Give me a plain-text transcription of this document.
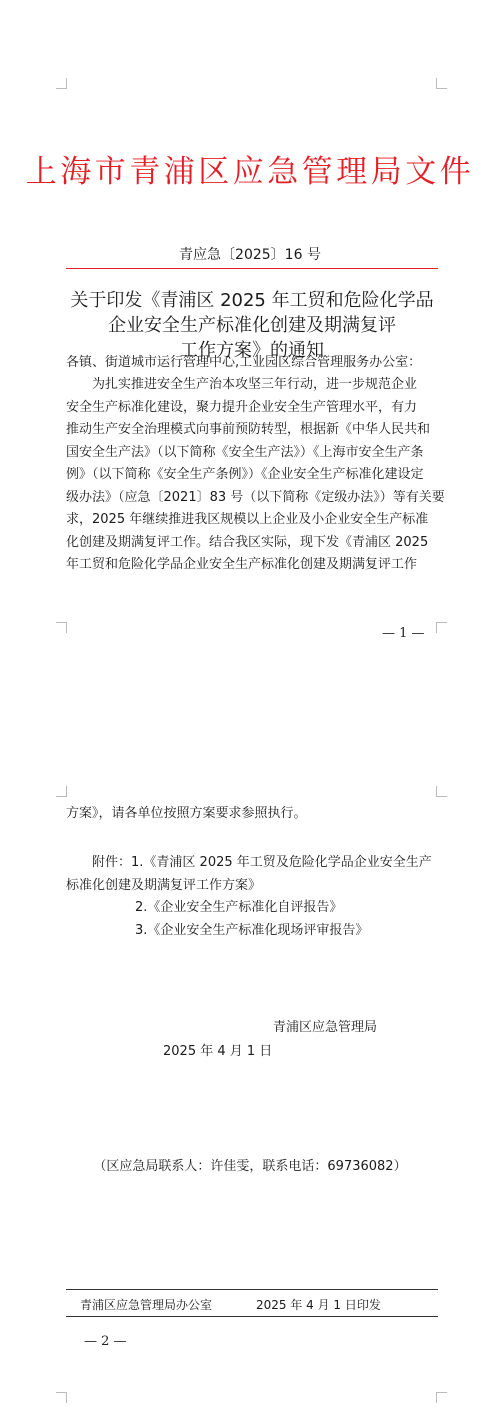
上海市青浦区应急管理局文件
青应急〔2025〕16 号
关于印发《青浦区 2025 年工贸和危险化学品
企业安全生产标准化创建及期满复评
工作方案》的通知
各镇、街道城市运行管理中心,工业园区综合管理服务办公室：
为扎实推进安全生产治本攻坚三年行动，进一步规范企业
安全生产标准化建设，聚力提升企业安全生产管理水平，有力
推动生产安全治理模式向事前预防转型，根据新《中华人民共和
国安全生产法》（以下简称《安全生产法》）《上海市安全生产条
例》（以下简称《安全生产条例》）《企业安全生产标准化建设定
级办法》（应急〔2021〕83 号（以下简称《定级办法》）等有关要
求，2025 年继续推进我区规模以上企业及小企业安全生产标准
化创建及期满复评工作。结合我区实际，现下发《青浦区 2025
年工贸和危险化学品企业安全生产标准化创建及期满复评工作
— 1 —
方案》，请各单位按照方案要求参照执行。
附件：1.《青浦区 2025 年工贸及危险化学品企业安全生产
标准化创建及期满复评工作方案》
2.《企业安全生产标准化自评报告》
3.《企业安全生产标准化现场评审报告》
青浦区应急管理局
2025 年 4 月 1 日
（区应急局联系人：许佳雯，联系电话：69736082）
青浦区应急管理局办公室	2025 年 4 月 1 日印发
— 2 —
